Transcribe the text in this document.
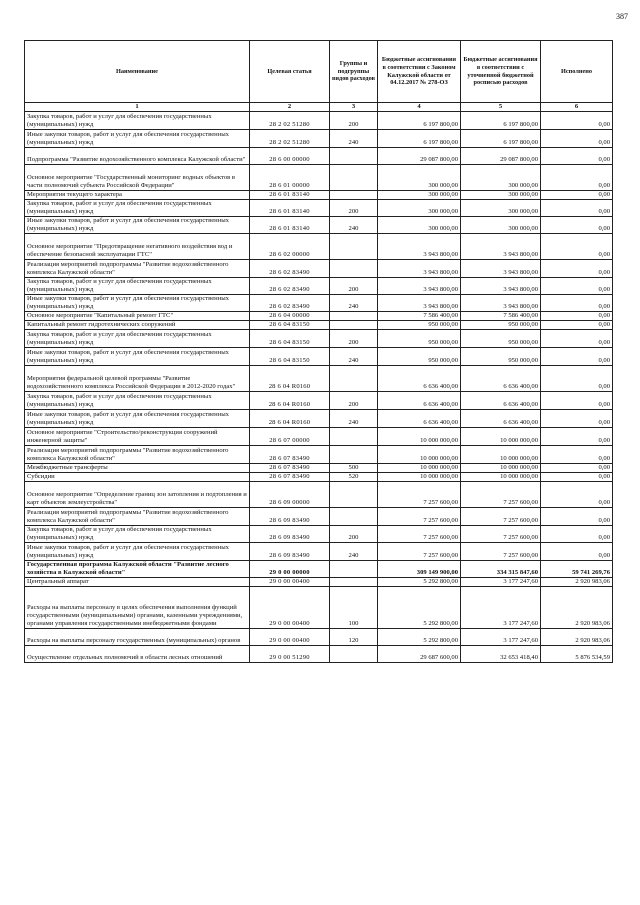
387
Наименование	Целевая статья	Группы и подгруппы видов расходов	Бюджетные ассигнования в соответствии с Законом Калужской области от 04.12.2017 № 278-ОЗ	Бюджетные ассигнования в соответствии с уточненной бюджетной росписью расходов	Исполнено
1	2	3	4	5	6
Закупка товаров, работ и услуг для обеспечения государственных (муниципальных) нужд	28 2 02 51280	200	6 197 800,00	6 197 800,00	0,00
Иные закупки товаров, работ и услуг для обеспечения государственных (муниципальных) нужд	28 2 02 51280	240	6 197 800,00	6 197 800,00	0,00
Подпрограмма "Развитие водохозяйственного комплекса Калужской области"	28 6 00 00000		29 087 800,00	29 087 800,00	0,00
Основное мероприятие "Государственный мониторинг водных объектов в части полномочий субъекта Российской Федерации"	28 6 01 00000		300 000,00	300 000,00	0,00
Мероприятия текущего характера	28 6 01 83140		300 000,00	300 000,00	0,00
Закупка товаров, работ и услуг для обеспечения государственных (муниципальных) нужд	28 6 01 83140	200	300 000,00	300 000,00	0,00
Иные закупки товаров, работ и услуг для обеспечения государственных (муниципальных) нужд	28 6 01 83140	240	300 000,00	300 000,00	0,00
Основное мероприятие "Предотвращение негативного воздействия вод и обеспечение безопасной эксплуатации ГТС"	28 6 02 00000		3 943 800,00	3 943 800,00	0,00
Реализация мероприятий подпрограммы "Развитие водохозяйственного комплекса Калужской области"	28 6 02 83490		3 943 800,00	3 943 800,00	0,00
Закупка товаров, работ и услуг для обеспечения государственных (муниципальных) нужд	28 6 02 83490	200	3 943 800,00	3 943 800,00	0,00
Иные закупки товаров, работ и услуг для обеспечения государственных (муниципальных) нужд	28 6 02 83490	240	3 943 800,00	3 943 800,00	0,00
Основное мероприятие "Капитальный ремонт ГТС"	28 6 04 00000		7 586 400,00	7 586 400,00	0,00
Капитальный ремонт гидротехнических сооружений	28 6 04 83150		950 000,00	950 000,00	0,00
Закупка товаров, работ и услуг для обеспечения государственных (муниципальных) нужд	28 6 04 83150	200	950 000,00	950 000,00	0,00
Иные закупки товаров, работ и услуг для обеспечения государственных (муниципальных) нужд	28 6 04 83150	240	950 000,00	950 000,00	0,00
Мероприятия федеральной целевой программы "Развитие водохозяйственного комплекса Российской Федерации в 2012-2020 годах"	28 6 04 R0160		6 636 400,00	6 636 400,00	0,00
Закупка товаров, работ и услуг для обеспечения государственных (муниципальных) нужд	28 6 04 R0160	200	6 636 400,00	6 636 400,00	0,00
Иные закупки товаров, работ и услуг для обеспечения государственных (муниципальных) нужд	28 6 04 R0160	240	6 636 400,00	6 636 400,00	0,00
Основное мероприятие "Строительство/реконструкция сооружений инженерной защиты"	28 6 07 00000		10 000 000,00	10 000 000,00	0,00
Реализация мероприятий подпрограммы "Развитие водохозяйственного комплекса Калужской области"	28 6 07 83490		10 000 000,00	10 000 000,00	0,00
Межбюджетные трансферты	28 6 07 83490	500	10 000 000,00	10 000 000,00	0,00
Субсидии	28 6 07 83490	520	10 000 000,00	10 000 000,00	0,00
Основное мероприятие "Определение границ зон затопления и подтопления и карт объектов землеустройства"	28 6 09 00000		7 257 600,00	7 257 600,00	0,00
Реализация мероприятий подпрограммы "Развитие водохозяйственного комплекса Калужской области"	28 6 09 83490		7 257 600,00	7 257 600,00	0,00
Закупка товаров, работ и услуг для обеспечения государственных (муниципальных) нужд	28 6 09 83490	200	7 257 600,00	7 257 600,00	0,00
Иные закупки товаров, работ и услуг для обеспечения государственных (муниципальных) нужд	28 6 09 83490	240	7 257 600,00	7 257 600,00	0,00
Государственная программа Калужской области "Развитие лесного хозяйства в Калужской области"	29 0 00 00000		309 149 900,00	334 315 847,60	59 741 269,76
Центральный аппарат	29 0 00 00400		5 292 800,00	3 177 247,60	2 920 983,06
Расходы на выплаты персоналу в целях обеспечения выполнения функций государственными (муниципальными) органами, казенными учреждениями, органами управления государственными внебюджетными фондами	29 0 00 00400	100	5 292 800,00	3 177 247,60	2 920 983,06
Расходы на выплаты персоналу государственных (муниципальных) органов	29 0 00 00400	120	5 292 800,00	3 177 247,60	2 920 983,06
Осуществление отдельных полномочий в области лесных отношений	29 0 00 51290		29 687 600,00	32 653 418,40	5 876 534,59
